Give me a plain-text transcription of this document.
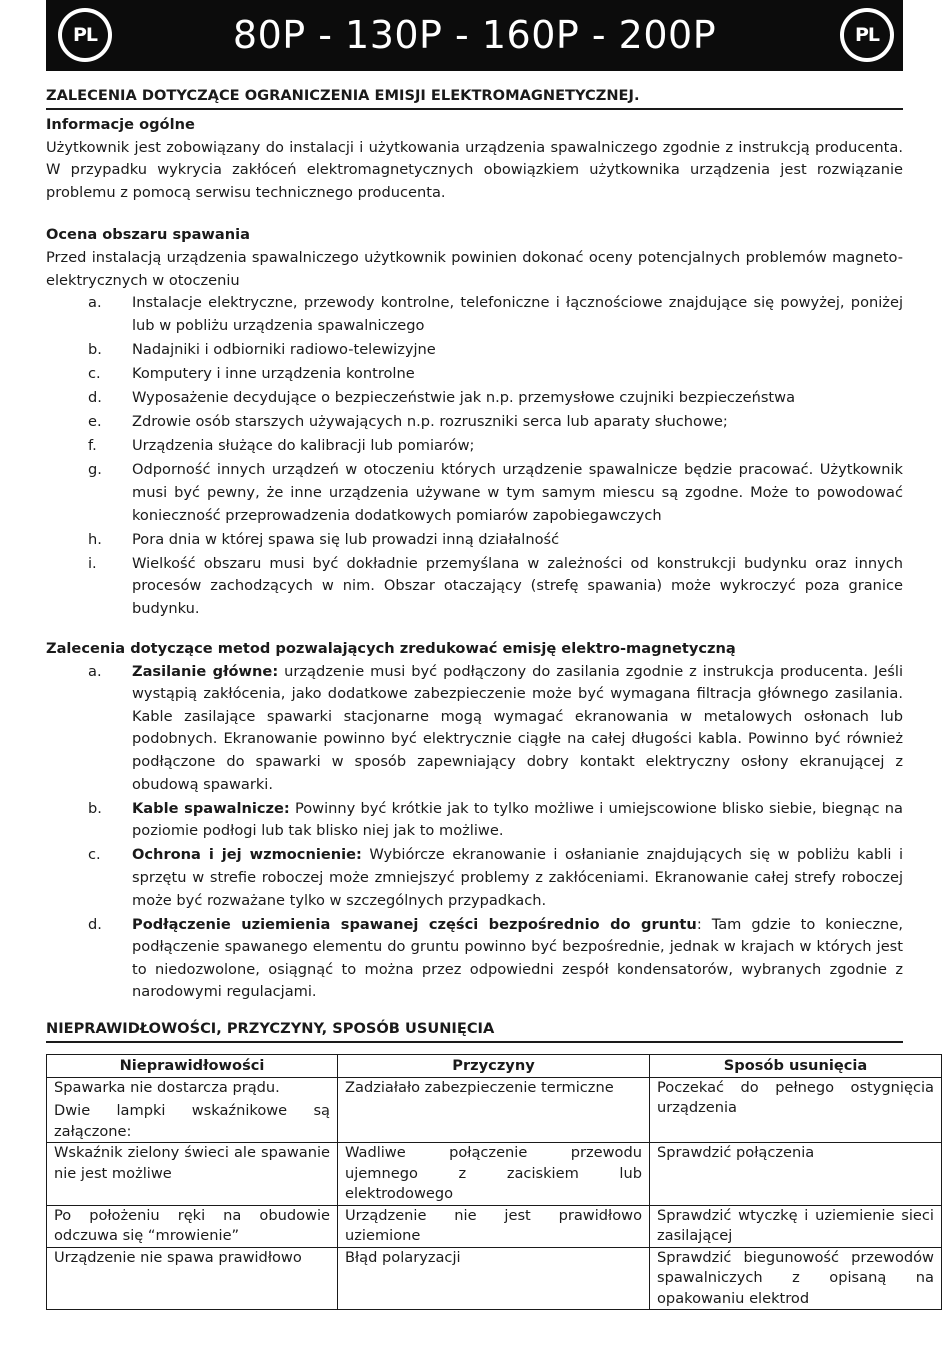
PL	80P - 130P - 160P - 200P	PL
ZALECENIA DOTYCZĄCE OGRANICZENIA EMISJI ELEKTROMAGNETYCZNEJ.
Informacje ogólne
Użytkownik jest zobowiązany do instalacji i użytkowania urządzenia spawalniczego zgodnie z instrukcją producenta. W przypadku wykrycia zakłóceń elektromagnetycznych obowiązkiem użytkownika urządzenia jest rozwiązanie problemu z pomocą serwisu technicznego producenta.
Ocena obszaru spawania
Przed instalacją urządzenia spawalniczego użytkownik powinien dokonać oceny potencjalnych problemów magneto-elektrycznych w otoczeniu
a. Instalacje elektryczne, przewody kontrolne, telefoniczne i łącznościowe znajdujące się powyżej, poniżej lub w pobliżu urządzenia spawalniczego
b. Nadajniki i odbiorniki radiowo-telewizyjne
c. Komputery i inne urządzenia kontrolne
d. Wyposażenie decydujące o bezpieczeństwie jak n.p. przemysłowe czujniki bezpieczeństwa
e. Zdrowie osób starszych używających n.p. rozruszniki serca lub aparaty słuchowe;
f. Urządzenia służące do kalibracji lub pomiarów;
g. Odporność innych urządzeń w otoczeniu których urządzenie spawalnicze będzie pracować. Użytkownik musi być pewny, że inne urządzenia używane w tym samym miescu są zgodne. Może to powodować konieczność przeprowadzenia dodatkowych pomiarów zapobiegawczych
h. Pora dnia w której spawa się lub prowadzi inną działalność
i. Wielkość obszaru musi być dokładnie przemyślana w zależności od konstrukcji budynku oraz innych procesów zachodzących w nim. Obszar otaczający (strefę spawania) może wykroczyć poza granice budynku.
Zalecenia dotyczące metod pozwalających zredukować emisję elektro-magnetyczną
a. Zasilanie główne: urządzenie musi być podłączony do zasilania zgodnie z instrukcja producenta. Jeśli wystąpią zakłócenia, jako dodatkowe zabezpieczenie może być wymagana filtracja głównego zasilania. Kable zasilające spawarki stacjonarne mogą wymagać ekranowania w metalowych osłonach lub podobnych. Ekranowanie powinno być elektrycznie ciągłe na całej długości kabla. Powinno być również podłączone do spawarki w sposób zapewniający dobry kontakt elektryczny osłony ekranującej z obudową spawarki.
b. Kable spawalnicze: Powinny być krótkie jak to tylko możliwe i umiejscowione blisko siebie, biegnąc na poziomie podłogi lub tak blisko niej jak to możliwe.
c. Ochrona i jej wzmocnienie: Wybiórcze ekranowanie i osłanianie znajdujących się w pobliżu kabli i sprzętu w strefie roboczej może zmniejszyć problemy z zakłóceniami. Ekranowanie całej strefy roboczej może być rozważane tylko w szczególnych przypadkach.
d. Podłączenie uziemienia spawanej części bezpośrednio do gruntu: Tam gdzie to konieczne, podłączenie spawanego elementu do gruntu powinno być bezpośrednie, jednak w krajach w których jest to niedozwolone, osiągnąć to można przez odpowiedni zespół kondensatorów, wybranych zgodnie z narodowymi regulacjami.
NIEPRAWIDŁOWOŚCI, PRZYCZYNY, SPOSÓB USUNIĘCIA
Nieprawidłowości	Przyczyny	Sposób usunięcia

Spawarka nie dostarcza prądu.
Dwie lampki wskaźnikowe są załączone:	Zadziałało zabezpieczenie termiczne	Poczekać do pełnego ostygnięcia urządzenia

Wskaźnik zielony świeci ale spawanie nie jest możliwe	Wadliwe połączenie przewodu ujemnego z zaciskiem lub elektrodowego	Sprawdzić połączenia

Po położeniu ręki na obudowie odczuwa się “mrowienie”	Urządzenie nie jest prawidłowo uziemione	Sprawdzić wtyczkę i uziemienie sieci zasilającej

Urządzenie nie spawa prawidłowo	Błąd polaryzacji	Sprawdzić biegunowość przewodów spawalniczych z opisaną na opakowaniu elektrod
